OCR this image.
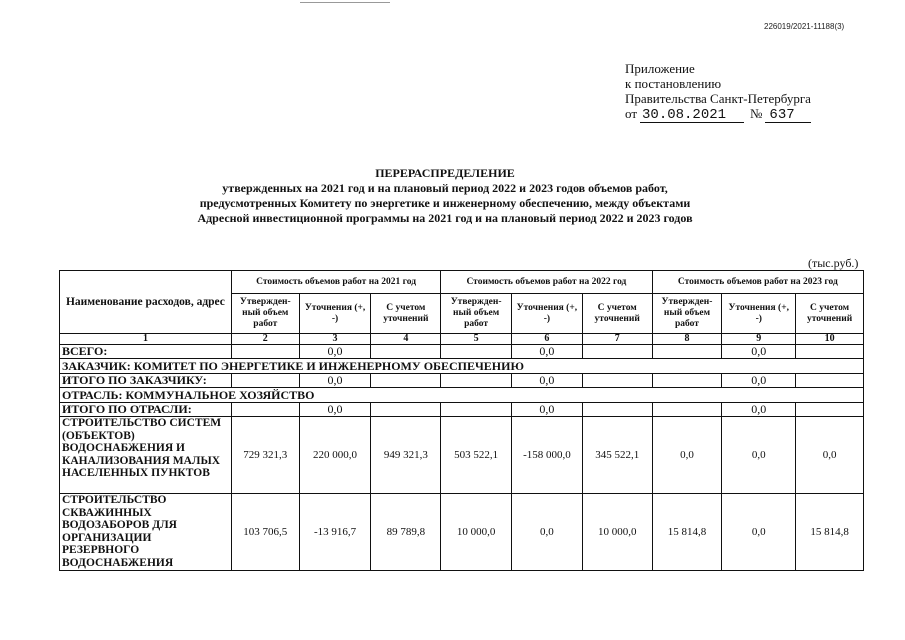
226019/2021-11188(3)
Приложение
к постановлению
Правительства Санкт-Петербурга
от 30.08.2021 № 637
ПЕРЕРАСПРЕДЕЛЕНИЕ
утвержденных на 2021 год и на плановый период 2022 и 2023 годов объемов работ,
предусмотренных Комитету по энергетике и инженерному обеспечению, между объектами
Адресной инвестиционной программы на 2021 год и на плановый период 2022 и 2023 годов
(тыс.руб.)
Наименование расходов, адрес	Стоимость объемов работ на 2021 год			Стоимость объемов работ на 2022 год			Стоимость объемов работ на 2023 год		
	Утвержден-ный объем работ	Уточнения (+, -)	С учетом уточнений	Утвержден-ный объем работ	Уточнения (+, -)	С учетом уточнений	Утвержден-ный объем работ	Уточнения (+, -)	С учетом уточнений
1	2	3	4	5	6	7	8	9	10
ВСЕГО:		0,0			0,0			0,0	
ЗАКАЗЧИК: КОМИТЕТ ПО ЭНЕРГЕТИКЕ И ИНЖЕНЕРНОМУ ОБЕСПЕЧЕНИЮ									
ИТОГО ПО ЗАКАЗЧИКУ:		0,0			0,0			0,0	
ОТРАСЛЬ: КОММУНАЛЬНОЕ ХОЗЯЙСТВО									
ИТОГО ПО ОТРАСЛИ:		0,0			0,0			0,0	
СТРОИТЕЛЬСТВО СИСТЕМ (ОБЪЕКТОВ) ВОДОСНАБЖЕНИЯ И КАНАЛИЗОВАНИЯ МАЛЫХ НАСЕЛЕННЫХ ПУНКТОВ	729 321,3	220 000,0	949 321,3	503 522,1	-158 000,0	345 522,1	0,0	0,0	0,0
СТРОИТЕЛЬСТВО СКВАЖИННЫХ ВОДОЗАБОРОВ ДЛЯ ОРГАНИЗАЦИИ РЕЗЕРВНОГО ВОДОСНАБЖЕНИЯ	103 706,5	-13 916,7	89 789,8	10 000,0	0,0	10 000,0	15 814,8	0,0	15 814,8
